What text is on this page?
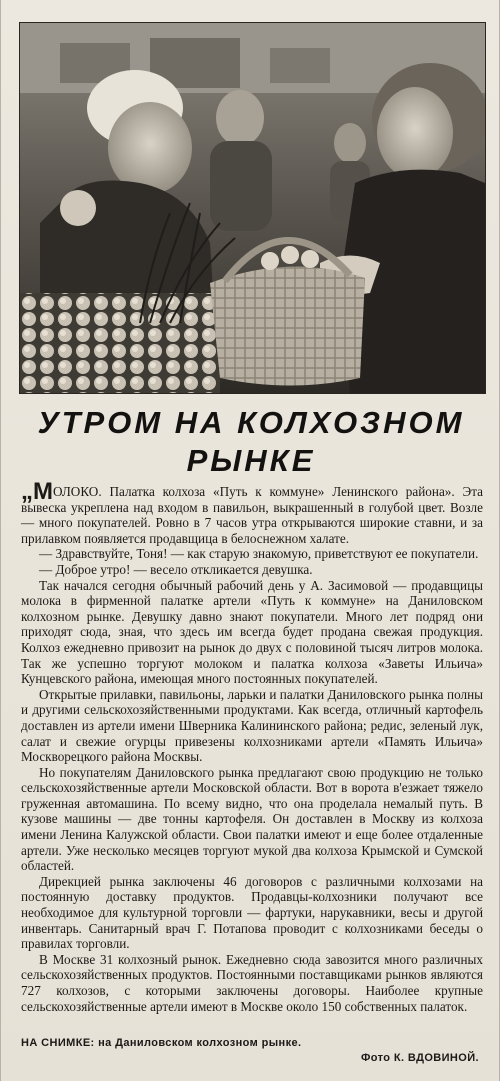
УТРОМ НА КОЛХОЗНОМ
РЫНКЕ

„МОЛОКО. Палатка колхоза «Путь к коммуне» Ленинского района». Эта вывеска укреплена над входом в павильон, выкрашенный в голубой цвет. Возле — много покупателей. Ровно в 7 часов утра открываются широкие ставни, и за прилавком появляется продавщица в белоснежном халате.

— Здравствуйте, Тоня! — как старую знакомую, приветствуют ее покупатели.

— Доброе утро! — весело откликается девушка.

Так начался сегодня обычный рабочий день у А. Засимовой — продавщицы молока в фирменной палатке артели «Путь к коммуне» на Даниловском колхозном рынке. Девушку давно знают покупатели. Много лет подряд они приходят сюда, зная, что здесь им всегда будет продана свежая продукция. Колхоз ежедневно привозит на рынок до двух с половиной тысяч литров молока. Так же успешно торгуют молоком и палатка колхоза «Заветы Ильича» Кунцевского района, имеющая много постоянных покупателей.

Открытые прилавки, павильоны, ларьки и палатки Даниловского рынка полны и другими сельскохозяйственными продуктами. Как всегда, отличный картофель доставлен из артели имени Шверника Калининского района; редис, зеленый лук, салат и свежие огурцы привезены колхозниками артели «Память Ильича» Москворецкого района Москвы.

Но покупателям Даниловского рынка предлагают свою продукцию не только сельскохозяйственные артели Московской области. Вот в ворота в'езжает тяжело груженная автомашина. По всему видно, что она проделала немалый путь. В кузове машины — две тонны картофеля. Он доставлен в Москву из колхоза имени Ленина Калужской области. Свои палатки имеют и еще более отдаленные артели. Уже несколько месяцев торгуют мукой два колхоза Крымской и Сумской областей.

Дирекцией рынка заключены 46 договоров с различными колхозами на постоянную доставку продуктов. Продавцы-колхозники получают все необходимое для культурной торговли — фартуки, нарукавники, весы и другой инвентарь. Санитарный врач Г. Потапова проводит с колхозниками беседы о правилах торговли.

В Москве 31 колхозный рынок. Ежедневно сюда завозится много различных сельскохозяйственных продуктов. Постоянными поставщиками рынков являются 727 колхозов, с которыми заключены договоры. Наиболее крупные сельскохозяйственные артели имеют в Москве около 150 собственных палаток.

НА СНИМКЕ: на Даниловском колхозном рынке.
Фото К. ВДОВИНОЙ.
